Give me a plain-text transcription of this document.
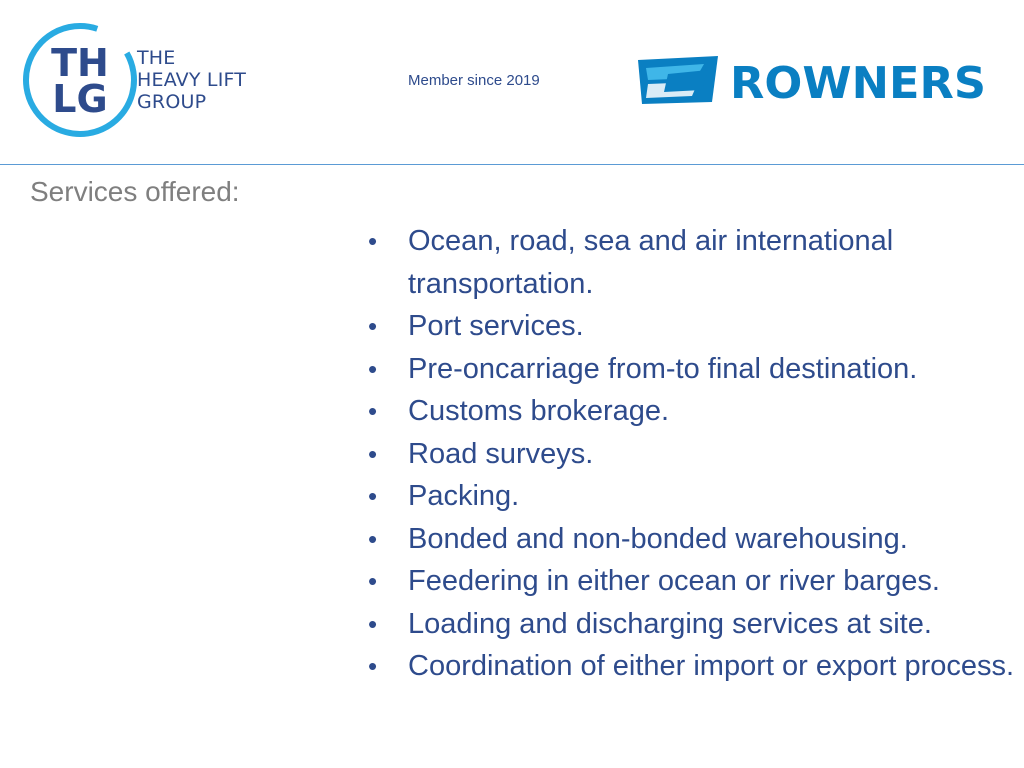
TH
LG
THE
HEAVY LIFT
GROUP
Member since 2019	ROWNERS
Services offered:
•	Ocean, road, sea and air international transportation.
•	Port services.
•	Pre-oncarriage from-to final destination.
•	Customs brokerage.
•	Road surveys.
•	Packing.
•	Bonded and non-bonded warehousing.
•	Feedering in either ocean or river barges.
•	Loading and discharging services at site.
•	Coordination of either import or export process.
